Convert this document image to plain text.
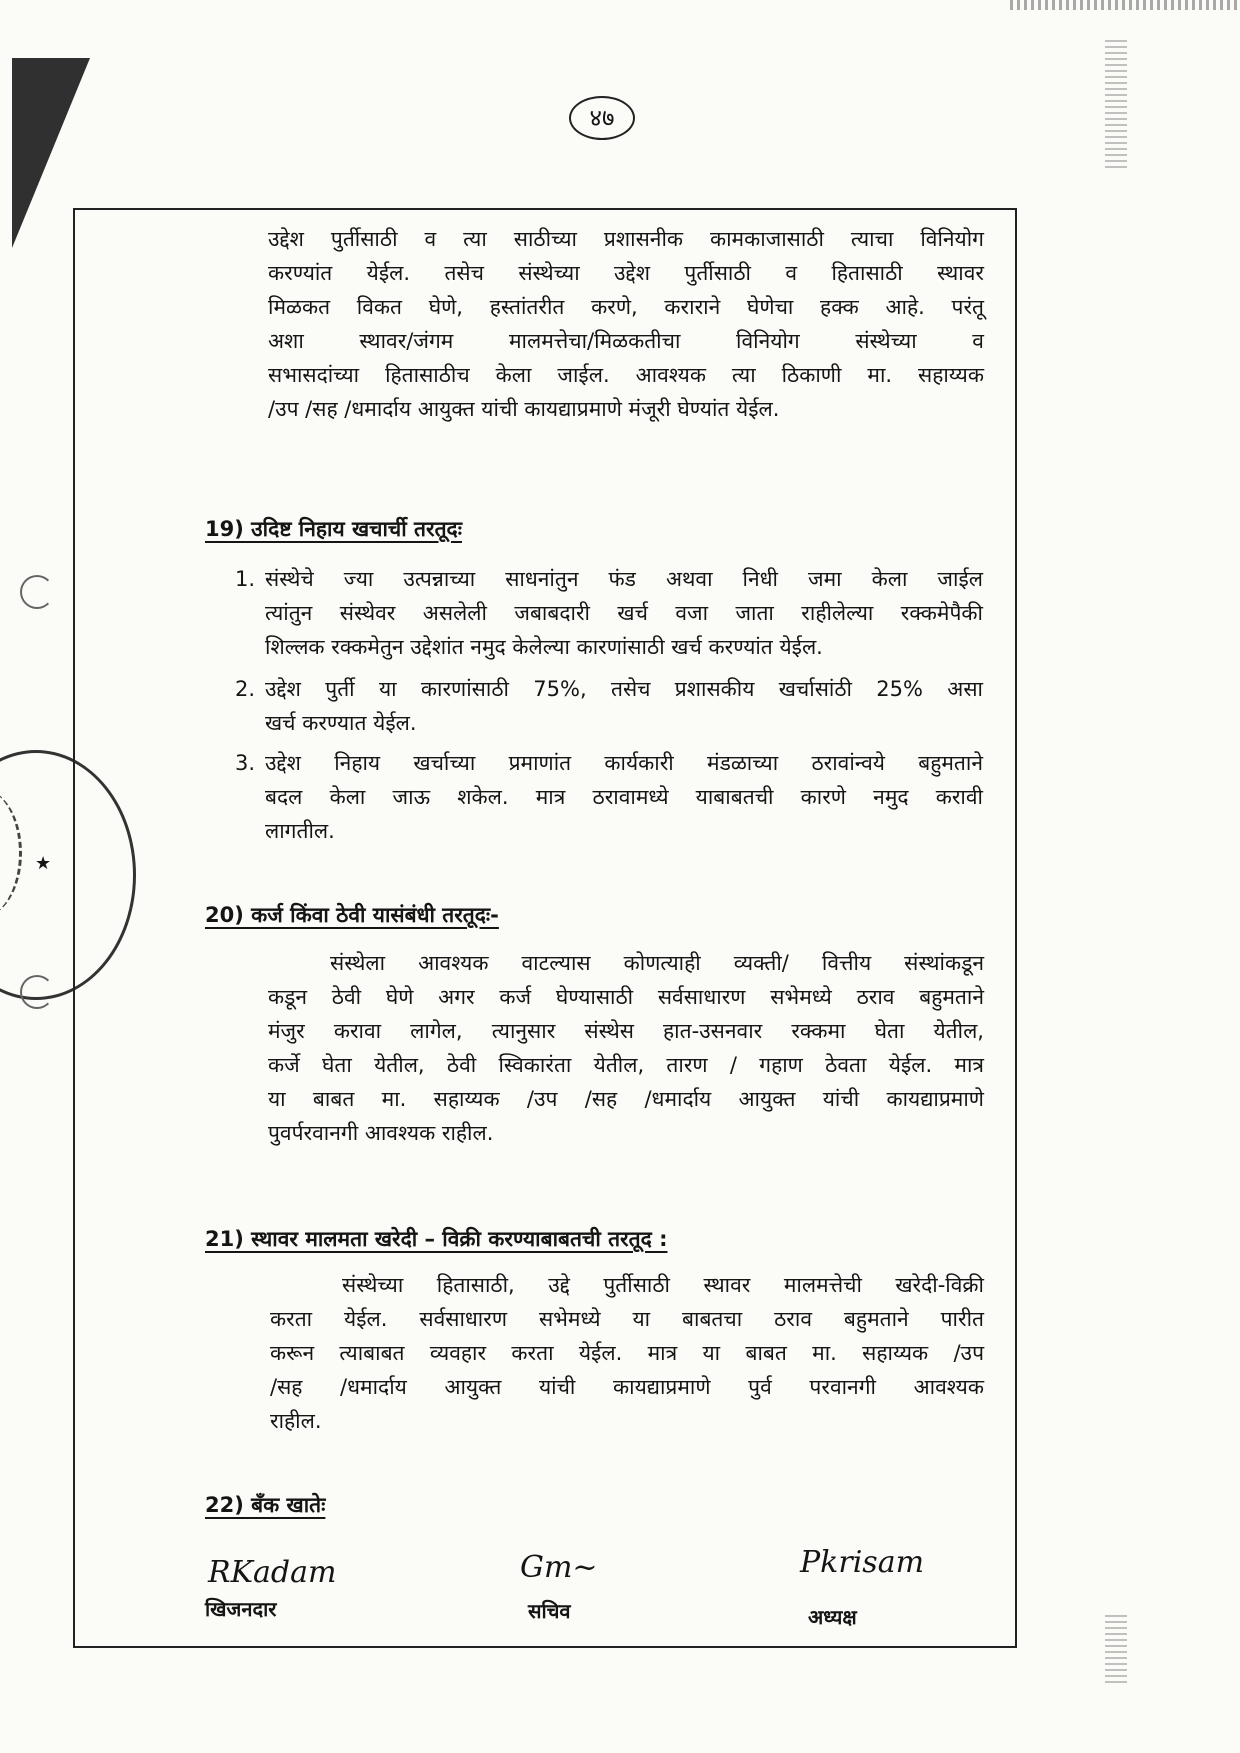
४७
★
उद्देश पुर्तीसाठी व त्या साठीच्या प्रशासनीक कामकाजासाठी त्याचा विनियोग
करण्यांत येईल. तसेच संस्थेच्या उद्देश पुर्तीसाठी व हितासाठी स्थावर
मिळकत विकत घेणे, हस्तांतरीत करणे, कराराने घेणेचा हक्क आहे. परंतू
अशा स्थावर/जंगम मालमत्तेचा/मिळकतीचा विनियोग संस्थेच्या व
सभासदांच्या हितासाठीच केला जाईल. आवश्यक त्या ठिकाणी मा. सहाय्यक
/उप /सह /धमार्दाय आयुक्त यांची कायद्याप्रमाणे मंजूरी घेण्यांत येईल.
19) उदिष्ट निहाय खचार्ची तरतूदः
1. संस्थेचे ज्या उत्पन्नाच्या साधनांतुन फंड अथवा निधी जमा केला जाईल
त्यांतुन संस्थेवर असलेली जबाबदारी खर्च वजा जाता राहीलेल्या रक्कमेपैकी
शिल्लक रक्कमेतुन उद्देशांत नमुद केलेल्या कारणांसाठी खर्च करण्यांत येईल.
2. उद्देश पुर्ती या कारणांसाठी 75%, तसेच प्रशासकीय खर्चासांठी 25% असा
खर्च करण्यात येईल.
3. उद्देश निहाय खर्चाच्या प्रमाणांत कार्यकारी मंडळाच्या ठरावांन्वये बहुमताने
बदल केला जाऊ शकेल. मात्र ठरावामध्ये याबाबतची कारणे नमुद करावी
लागतील.
20) कर्ज किंवा ठेवी यासंबंधी तरतूदः-
संस्थेला आवश्यक वाटल्यास कोणत्याही व्यक्ती/ वित्तीय संस्थांकडून
कडून ठेवी घेणे अगर कर्ज घेण्यासाठी सर्वसाधारण सभेमध्ये ठराव बहुमताने
मंजुर करावा लागेल, त्यानुसार संस्थेस हात-उसनवार रक्कमा घेता येतील,
कर्जे घेता येतील, ठेवी स्विकारंता येतील, तारण / गहाण ठेवता येईल. मात्र
या बाबत मा. सहाय्यक /उप /सह /धमार्दाय आयुक्त यांची कायद्याप्रमाणे
पुवर्परवानगी आवश्यक राहील.
21) स्थावर मालमता खरेदी – विक्री करण्याबाबतची तरतूद :
संस्थेच्या हितासाठी, उद्दे पुर्तीसाठी स्थावर मालमत्तेची खरेदी-विक्री
करता येईल. सर्वसाधारण सभेमध्ये या बाबतचा ठराव बहुमताने पारीत
करून त्याबाबत व्यवहार करता येईल. मात्र या बाबत मा. सहाय्यक /उप
/सह /धमार्दाय आयुक्त यांची कायद्याप्रमाणे पुर्व परवानगी आवश्यक
राहील.
22) बँक खातेः
RKadam
खिजनदार
Gm~
सचिव
Pkrisam
अध्यक्ष
